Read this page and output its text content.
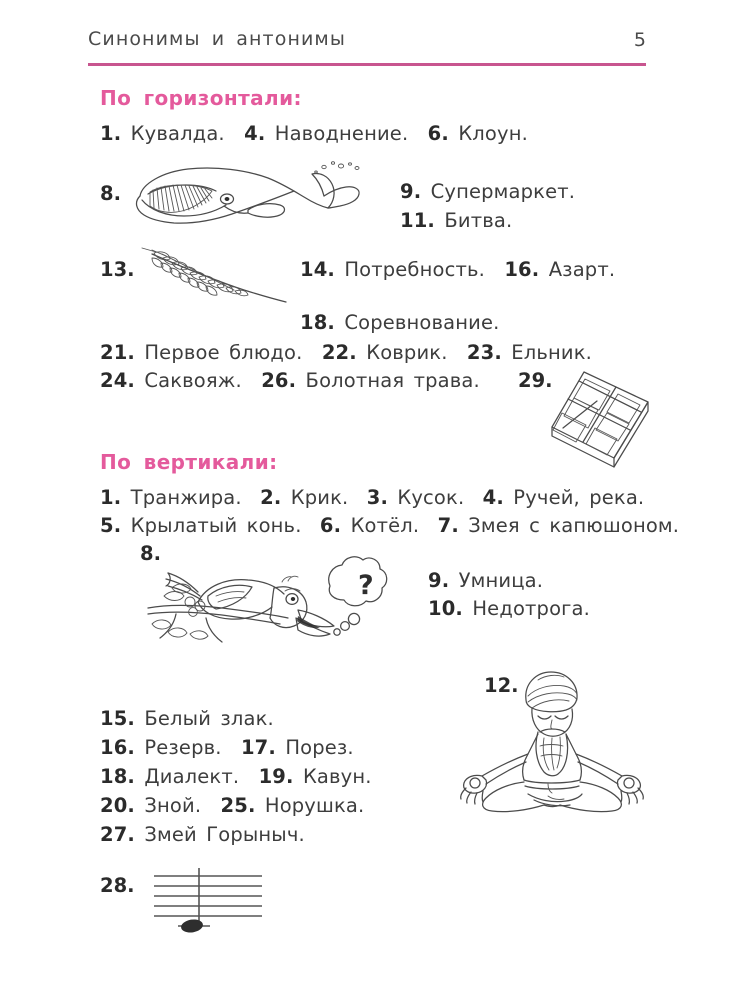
Синонимы и антонимы	5
По горизонтали:
1. Кувалда. 4. Наводнение. 6. Клоун.
8.	9. Супермаркет.
11. Битва.
13.	14. Потребность. 16. Азарт.
18. Соревнование.
21. Первое блюдо. 22. Коврик. 23. Ельник.
24. Саквояж. 26. Болотная трава. 29.
По вертикали:
1. Транжира. 2. Крик. 3. Кусок. 4. Ручей, река.
5. Крылатый конь. 6. Котёл. 7. Змея с капюшоном.
8.
?	9. Умница.
10. Недотрога.
12.
15. Белый злак.
16. Резерв. 17. Порез.
18. Диалект. 19. Кавун.
20. Зной. 25. Норушка.
27. Змей Горыныч.
28.
